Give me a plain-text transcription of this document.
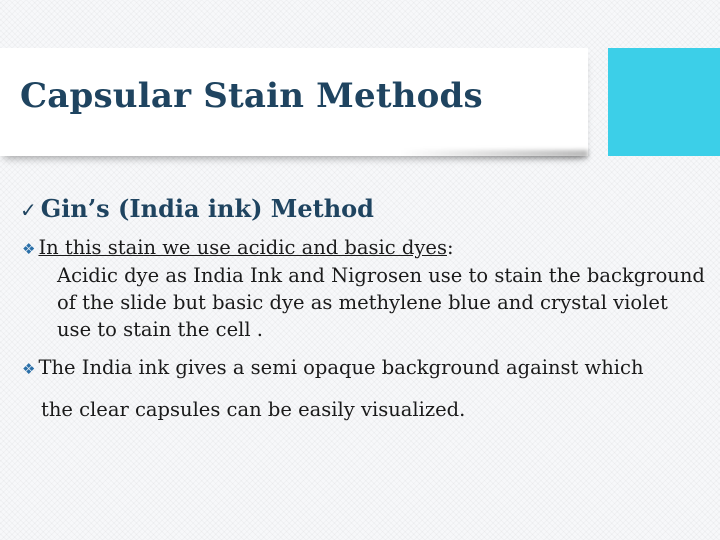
Capsular Stain Methods
✓ Gin’s (India ink) Method
❖ In this stain we use acidic and basic dyes:
Acidic dye as India Ink and Nigrosen use to stain the background of the slide but basic dye as methylene blue and crystal violet use to stain the cell .
❖ The India ink gives a semi opaque background against which
the clear capsules can be easily visualized.
